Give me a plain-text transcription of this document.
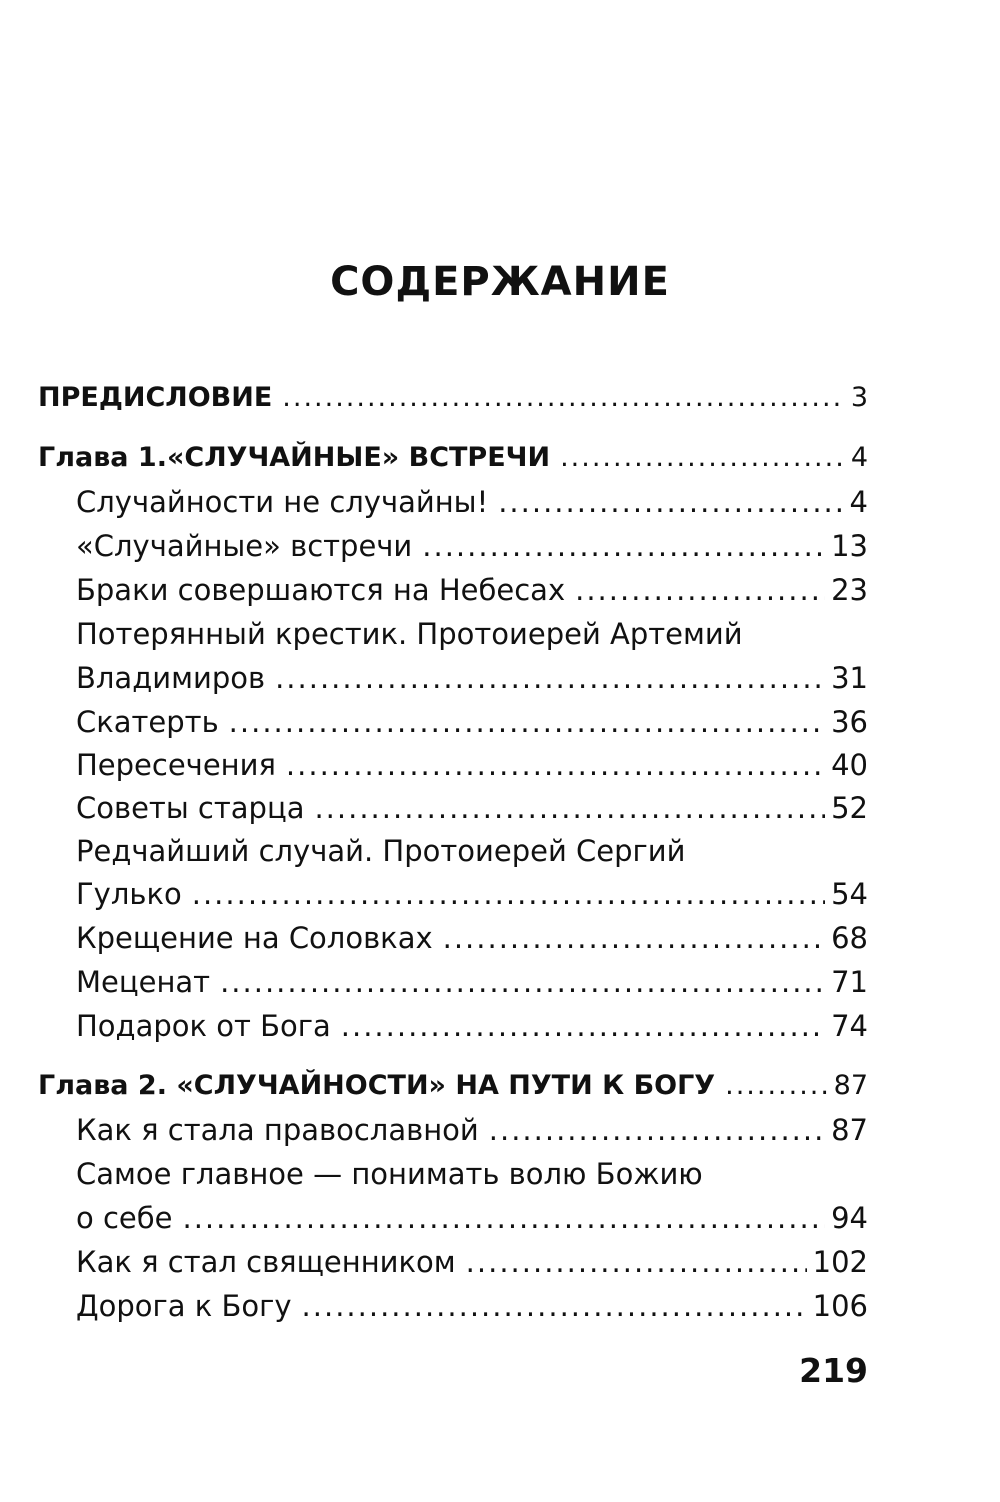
СОДЕРЖАНИЕ
ПРЕДИСЛОВИЕ .....	3
Глава 1.«СЛУЧАЙНЫЕ» ВСТРЕЧИ .....	4
Случайности не случайны! .....	4
«Случайные» встречи .....	13
Браки совершаются на Небесах .....	23
Потерянный крестик. Протоиерей Артемий
Владимиров .....	31
Скатерть .....	36
Пересечения .....	40
Советы старца .....	52
Редчайший случай. Протоиерей Сергий
Гулько .....	54
Крещение на Соловках .....	68
Меценат .....	71
Подарок от Бога .....	74
Глава 2. «СЛУЧАЙНОСТИ» НА ПУТИ К БОГУ .....	87
Как я стала православной .....	87
Самое главное — понимать волю Божию
о себе .....	94
Как я стал священником .....	102
Дорога к Богу .....	106
219
